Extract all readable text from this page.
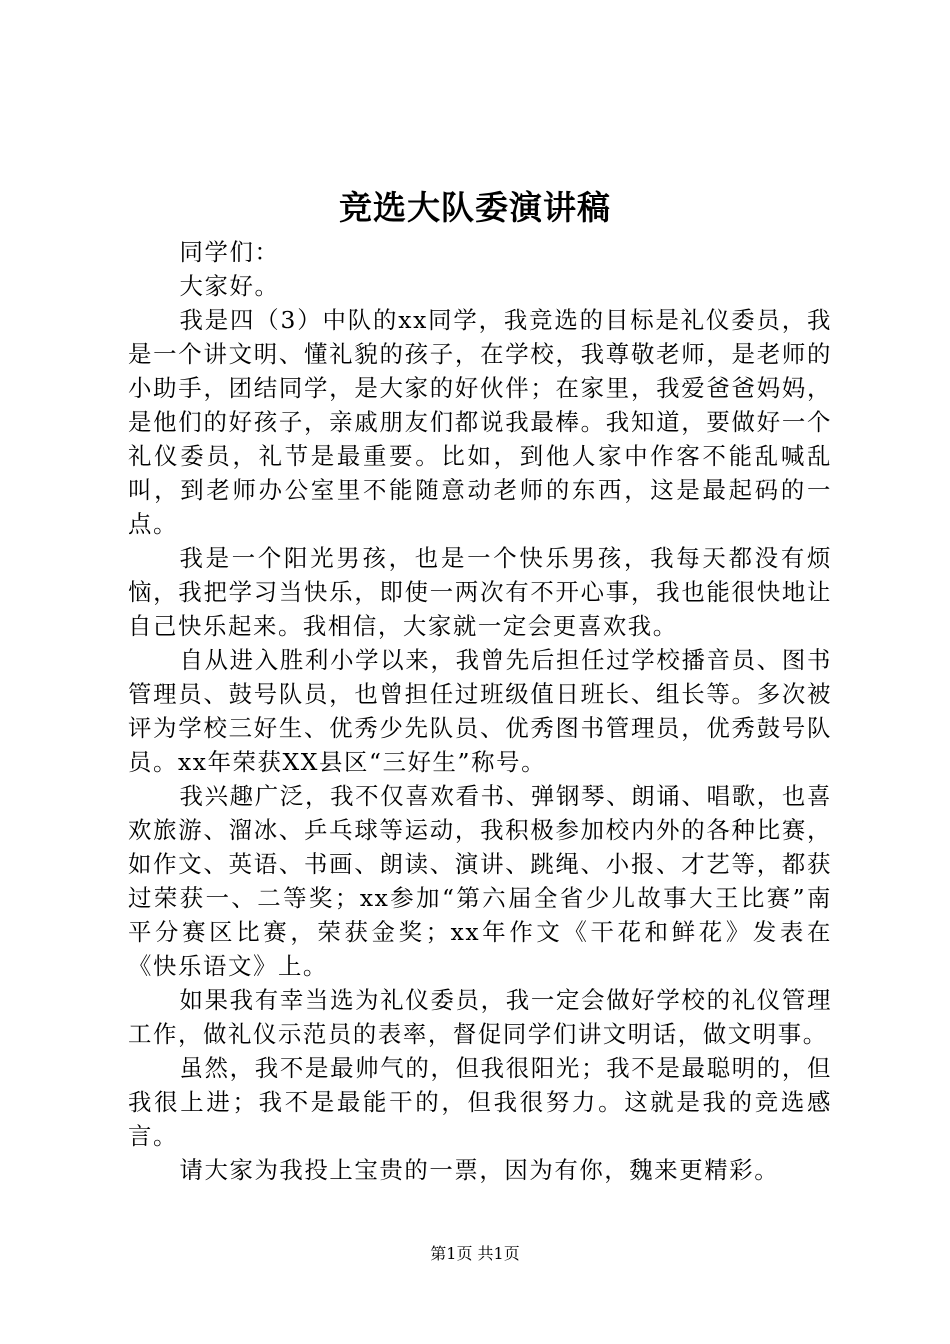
竞选大队委演讲稿

同学们：

大家好。

我是四（3）中队的xx同学，我竞选的目标是礼仪委员，我是一个讲文明、懂礼貌的孩子，在学校，我尊敬老师，是老师的小助手，团结同学，是大家的好伙伴；在家里，我爱爸爸妈妈，是他们的好孩子，亲戚朋友们都说我最棒。我知道，要做好一个礼仪委员，礼节是最重要。比如，到他人家中作客不能乱喊乱叫，到老师办公室里不能随意动老师的东西，这是最起码的一点。

我是一个阳光男孩，也是一个快乐男孩，我每天都没有烦恼，我把学习当快乐，即使一两次有不开心事，我也能很快地让自己快乐起来。我相信，大家就一定会更喜欢我。

自从进入胜利小学以来，我曾先后担任过学校播音员、图书管理员、鼓号队员，也曾担任过班级值日班长、组长等。多次被评为学校三好生、优秀少先队员、优秀图书管理员，优秀鼓号队员。xx年荣获XX县区“三好生”称号。

我兴趣广泛，我不仅喜欢看书、弹钢琴、朗诵、唱歌，也喜欢旅游、溜冰、乒乓球等运动，我积极参加校内外的各种比赛，如作文、英语、书画、朗读、演讲、跳绳、小报、才艺等，都获过荣获一、二等奖；xx参加“第六届全省少儿故事大王比赛”南平分赛区比赛，荣获金奖；xx年作文《干花和鲜花》发表在《快乐语文》上。

如果我有幸当选为礼仪委员，我一定会做好学校的礼仪管理工作，做礼仪示范员的表率，督促同学们讲文明话，做文明事。

虽然，我不是最帅气的，但我很阳光；我不是最聪明的，但我很上进；我不是最能干的，但我很努力。这就是我的竞选感言。

请大家为我投上宝贵的一票，因为有你，魏来更精彩。

第1页 共1页
